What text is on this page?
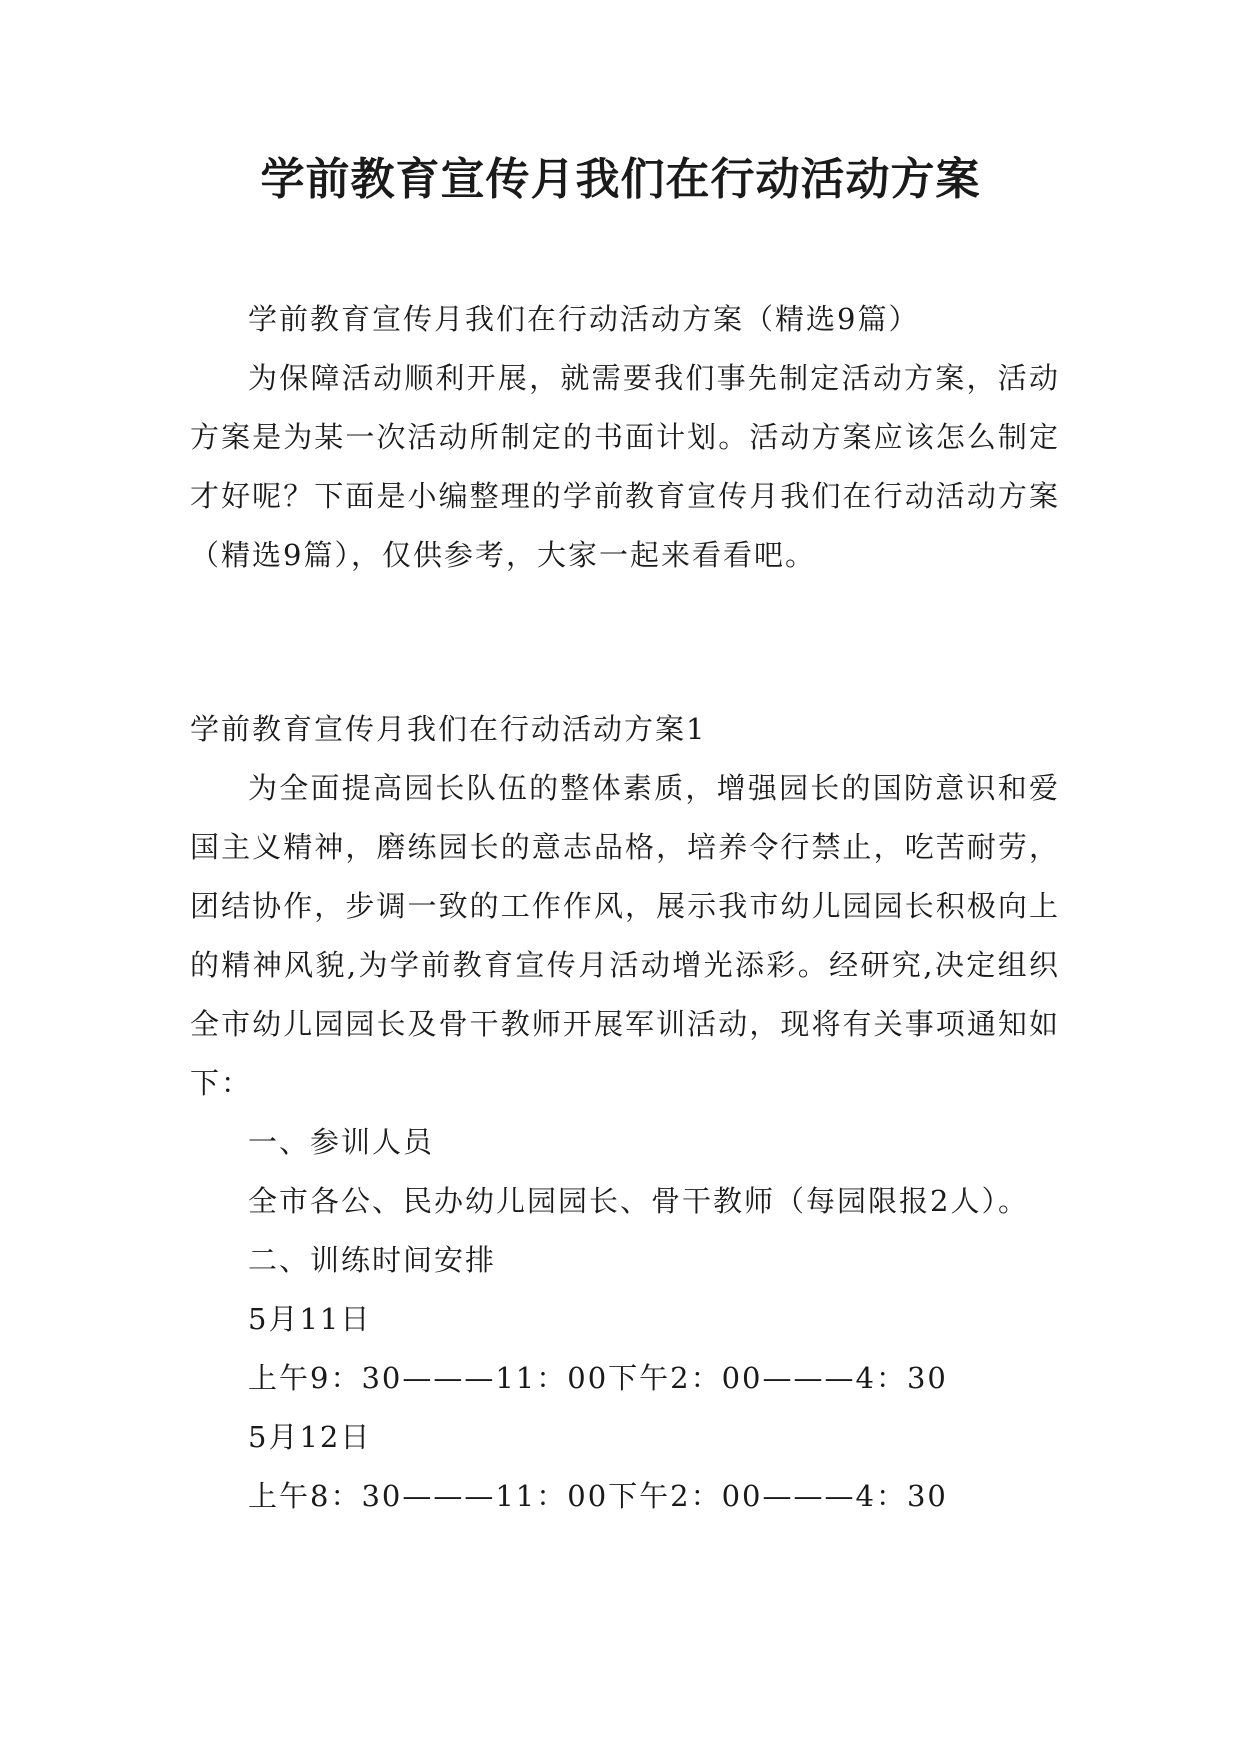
学前教育宣传月我们在行动活动方案

学前教育宣传月我们在行动活动方案（精选9篇）

为保障活动顺利开展，就需要我们事先制定活动方案，活动方案是为某一次活动所制定的书面计划。活动方案应该怎么制定才好呢？下面是小编整理的学前教育宣传月我们在行动活动方案（精选9篇），仅供参考，大家一起来看看吧。

学前教育宣传月我们在行动活动方案1

为全面提高园长队伍的整体素质，增强园长的国防意识和爱国主义精神，磨练园长的意志品格，培养令行禁止，吃苦耐劳，团结协作，步调一致的工作作风，展示我市幼儿园园长积极向上的精神风貌,为学前教育宣传月活动增光添彩。经研究,决定组织全市幼儿园园长及骨干教师开展军训活动，现将有关事项通知如下：

一、参训人员

全市各公、民办幼儿园园长、骨干教师（每园限报2人）。

二、训练时间安排

5月11日

上午9：30———11：00下午2：00———4：30

5月12日

上午8：30———11：00下午2：00———4：30
